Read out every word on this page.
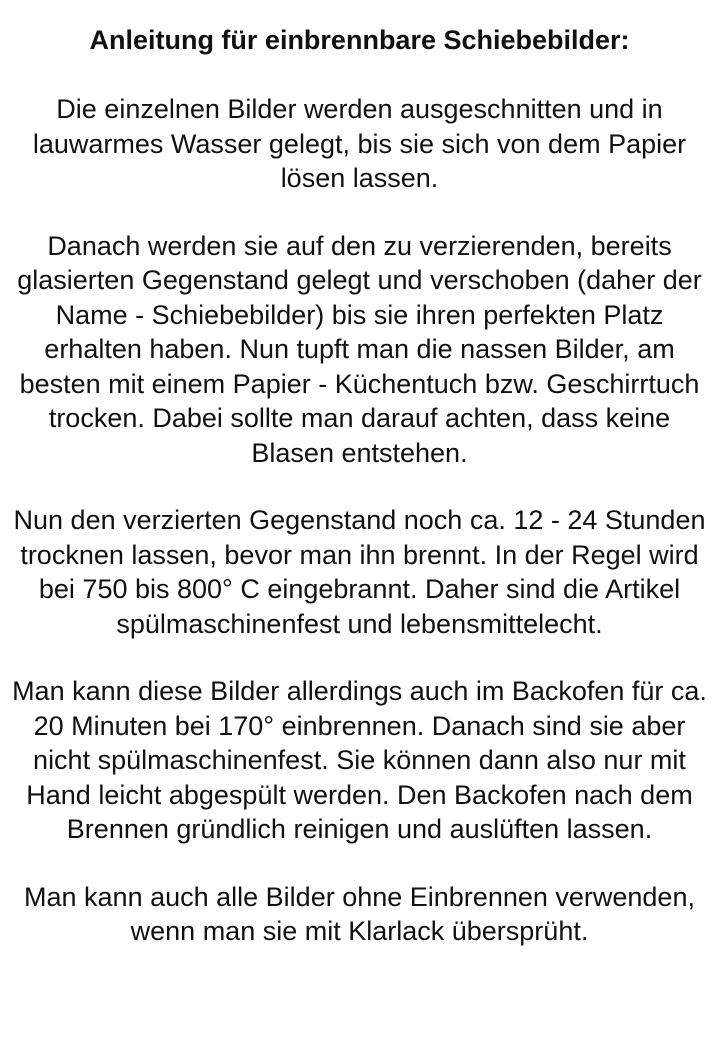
Anleitung für einbrennbare Schiebebilder:

Die einzelnen Bilder werden ausgeschnitten und in lauwarmes Wasser gelegt, bis sie sich von dem Papier lösen lassen.

Danach werden sie auf den zu verzierenden, bereits glasierten Gegenstand gelegt und verschoben (daher der Name - Schiebebilder) bis sie ihren perfekten Platz erhalten haben. Nun tupft man die nassen Bilder, am besten mit einem Papier - Küchentuch bzw. Geschirrtuch trocken. Dabei sollte man darauf achten, dass keine Blasen entstehen.

Nun den verzierten Gegenstand noch ca. 12 - 24 Stunden trocknen lassen, bevor man ihn brennt. In der Regel wird bei 750 bis 800° C eingebrannt. Daher sind die Artikel spülmaschinenfest und lebensmittelecht.

Man kann diese Bilder allerdings auch im Backofen für ca. 20 Minuten bei 170° einbrennen. Danach sind sie aber nicht spülmaschinenfest. Sie können dann also nur mit Hand leicht abgespült werden. Den Backofen nach dem Brennen gründlich reinigen und auslüften lassen.

Man kann auch alle Bilder ohne Einbrennen verwenden, wenn man sie mit Klarlack übersprüht.
